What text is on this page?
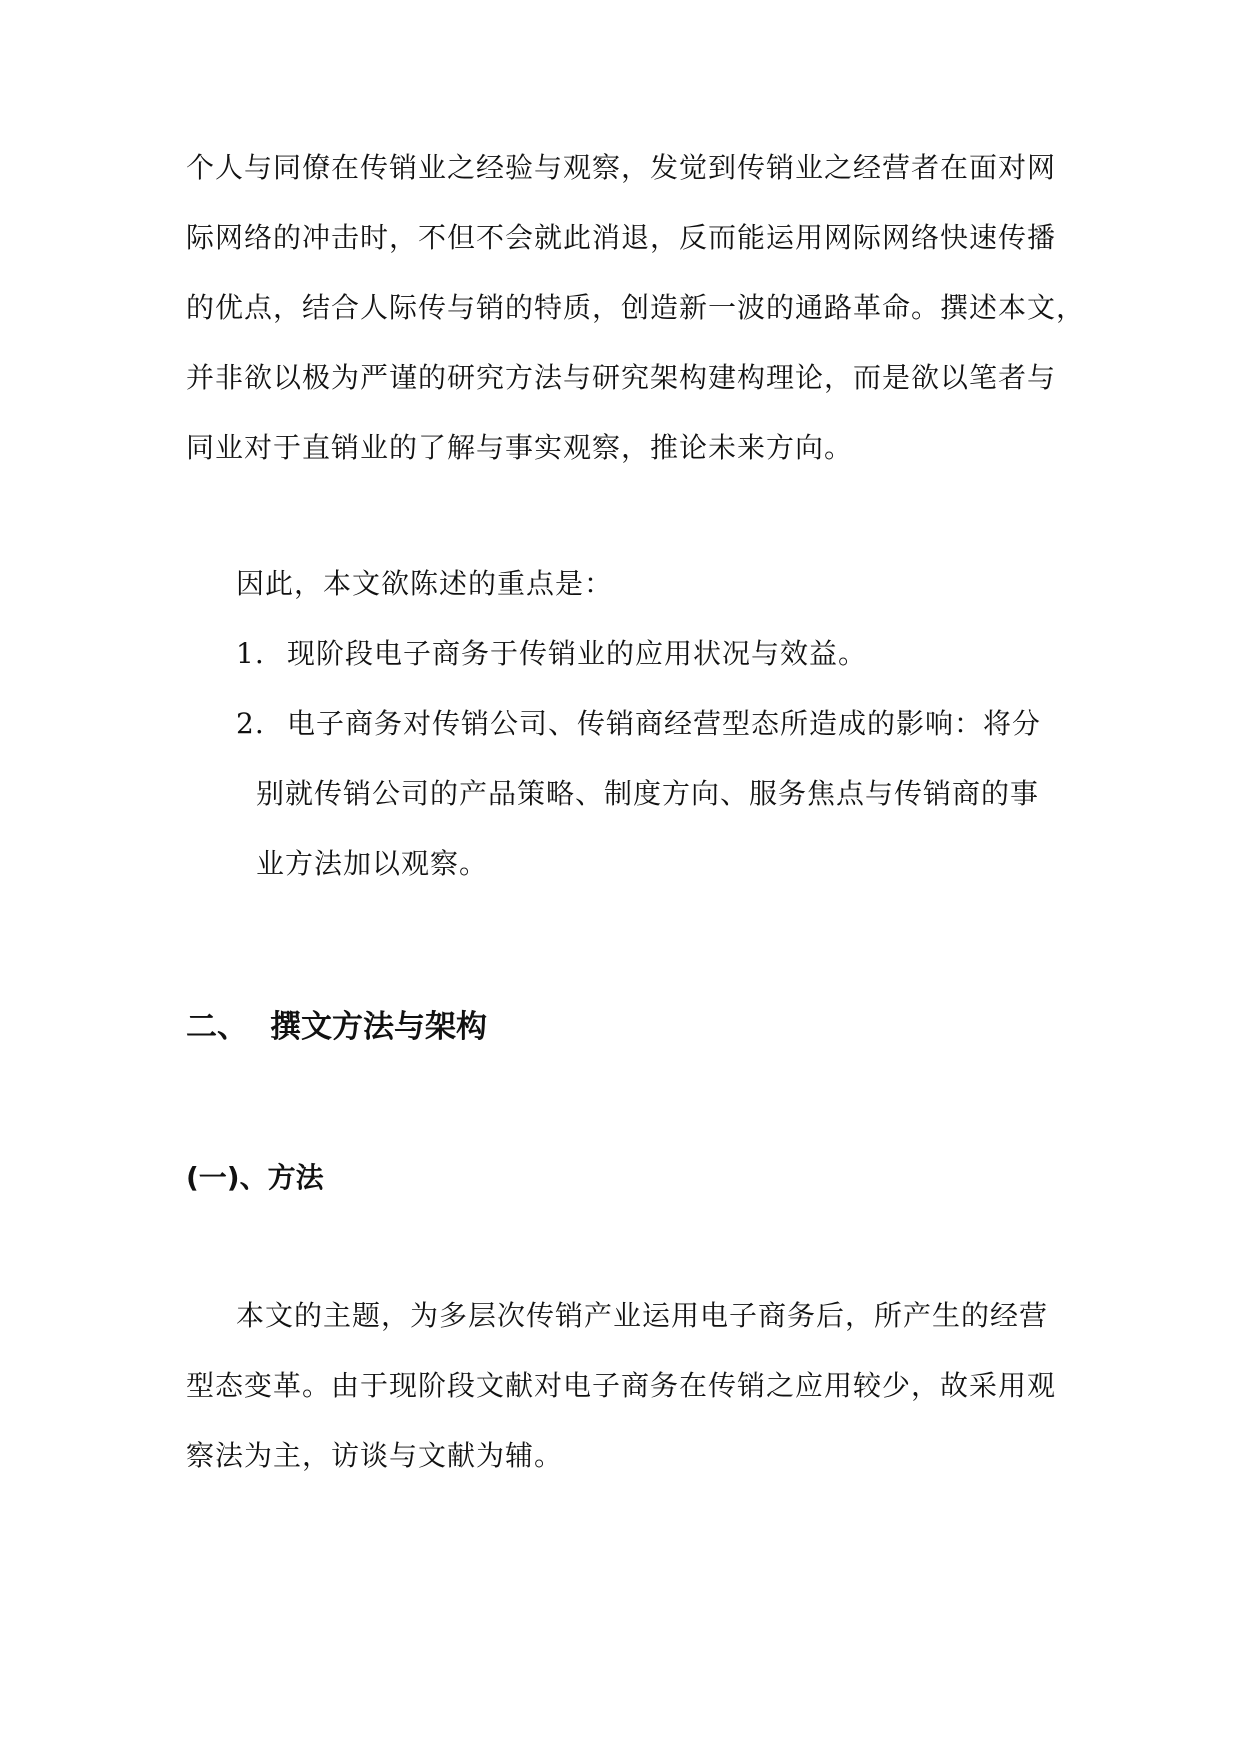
个人与同僚在传销业之经验与观察，发觉到传销业之经营者在面对网
际网络的冲击时，不但不会就此消退，反而能运用网际网络快速传播
的优点，结合人际传与销的特质，创造新一波的通路革命。撰述本文，
并非欲以极为严谨的研究方法与研究架构建构理论，而是欲以笔者与
同业对于直销业的了解与事实观察，推论未来方向。
因此，本文欲陈述的重点是：
1. 现阶段电子商务于传销业的应用状况与效益。
2. 电子商务对传销公司、传销商经营型态所造成的影响：将分
别就传销公司的产品策略、制度方向、服务焦点与传销商的事
业方法加以观察。
二、 撰文方法与架构
(一)、方法
本文的主题，为多层次传销产业运用电子商务后，所产生的经营
型态变革。由于现阶段文献对电子商务在传销之应用较少，故采用观
察法为主，访谈与文献为辅。
